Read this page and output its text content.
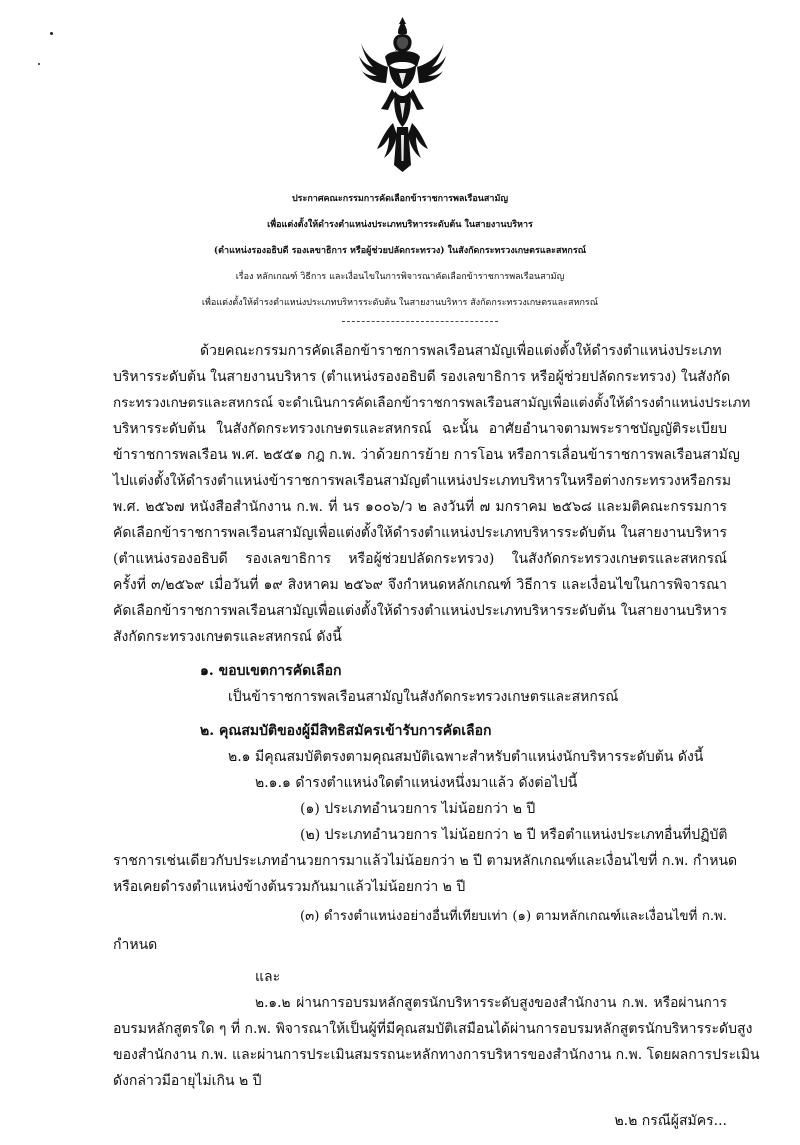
ประกาศคณะกรรมการคัดเลือกข้าราชการพลเรือนสามัญ
เพื่อแต่งตั้งให้ดำรงตำแหน่งประเภทบริหารระดับต้น ในสายงานบริหาร
(ตำแหน่งรองอธิบดี รองเลขาธิการ หรือผู้ช่วยปลัดกระทรวง) ในสังกัดกระทรวงเกษตรและสหกรณ์
เรื่อง หลักเกณฑ์ วิธีการ และเงื่อนไขในการพิจารณาคัดเลือกข้าราชการพลเรือนสามัญ
เพื่อแต่งตั้งให้ดำรงตำแหน่งประเภทบริหารระดับต้น ในสายงานบริหาร สังกัดกระทรวงเกษตรและสหกรณ์
ด้วยคณะกรรมการคัดเลือกข้าราชการพลเรือนสามัญเพื่อแต่งตั้งให้ดำรงตำแหน่งประเภท
บริหารระดับต้น ในสายงานบริหาร (ตำแหน่งรองอธิบดี รองเลขาธิการ หรือผู้ช่วยปลัดกระทรวง) ในสังกัด
กระทรวงเกษตรและสหกรณ์ จะดำเนินการคัดเลือกข้าราชการพลเรือนสามัญเพื่อแต่งตั้งให้ดำรงตำแหน่งประเภท
บริหารระดับต้น ในสังกัดกระทรวงเกษตรและสหกรณ์ ฉะนั้น อาศัยอำนาจตามพระราชบัญญัติระเบียบ
ข้าราชการพลเรือน พ.ศ. ๒๕๕๑ กฎ ก.พ. ว่าด้วยการย้าย การโอน หรือการเลื่อนข้าราชการพลเรือนสามัญ
ไปแต่งตั้งให้ดำรงตำแหน่งข้าราชการพลเรือนสามัญตำแหน่งประเภทบริหารในหรือต่างกระทรวงหรือกรม
พ.ศ. ๒๕๖๗ หนังสือสำนักงาน ก.พ. ที่ นร ๑๐๐๖/ว ๒ ลงวันที่ ๗ มกราคม ๒๕๖๘ และมติคณะกรรมการ
คัดเลือกข้าราชการพลเรือนสามัญเพื่อแต่งตั้งให้ดำรงตำแหน่งประเภทบริหารระดับต้น ในสายงานบริหาร
(ตำแหน่งรองอธิบดี รองเลขาธิการ หรือผู้ช่วยปลัดกระทรวง) ในสังกัดกระทรวงเกษตรและสหกรณ์
ครั้งที่ ๓/๒๕๖๙ เมื่อวันที่ ๑๙ สิงหาคม ๒๕๖๙ จึงกำหนดหลักเกณฑ์ วิธีการ และเงื่อนไขในการพิจารณา
คัดเลือกข้าราชการพลเรือนสามัญเพื่อแต่งตั้งให้ดำรงตำแหน่งประเภทบริหารระดับต้น ในสายงานบริหาร
สังกัดกระทรวงเกษตรและสหกรณ์ ดังนี้
๑. ขอบเขตการคัดเลือก
เป็นข้าราชการพลเรือนสามัญในสังกัดกระทรวงเกษตรและสหกรณ์
๒. คุณสมบัติของผู้มีสิทธิสมัครเข้ารับการคัดเลือก
๒.๑ มีคุณสมบัติตรงตามคุณสมบัติเฉพาะสำหรับตำแหน่งนักบริหารระดับต้น ดังนี้
๒.๑.๑ ดำรงตำแหน่งใดตำแหน่งหนึ่งมาแล้ว ดังต่อไปนี้
(๑) ประเภทอำนวยการ ไม่น้อยกว่า ๒ ปี
(๒) ประเภทอำนวยการ ไม่น้อยกว่า ๒ ปี หรือตำแหน่งประเภทอื่นที่ปฏิบัติ
ราชการเช่นเดียวกับประเภทอำนวยการมาแล้วไม่น้อยกว่า ๒ ปี ตามหลักเกณฑ์และเงื่อนไขที่ ก.พ. กำหนด
หรือเคยดำรงตำแหน่งข้างต้นรวมกันมาแล้วไม่น้อยกว่า ๒ ปี
(๓) ดำรงตำแหน่งอย่างอื่นที่เทียบเท่า (๑) ตามหลักเกณฑ์และเงื่อนไขที่ ก.พ.
กำหนด
และ
๒.๑.๒ ผ่านการอบรมหลักสูตรนักบริหารระดับสูงของสำนักงาน ก.พ. หรือผ่านการ
อบรมหลักสูตรใด ๆ ที่ ก.พ. พิจารณาให้เป็นผู้ที่มีคุณสมบัติเสมือนได้ผ่านการอบรมหลักสูตรนักบริหารระดับสูง
ของสำนักงาน ก.พ. และผ่านการประเมินสมรรถนะหลักทางการบริหารของสำนักงาน ก.พ. โดยผลการประเมิน
ดังกล่าวมีอายุไม่เกิน ๒ ปี
๒.๒ กรณีผู้สมัคร...
